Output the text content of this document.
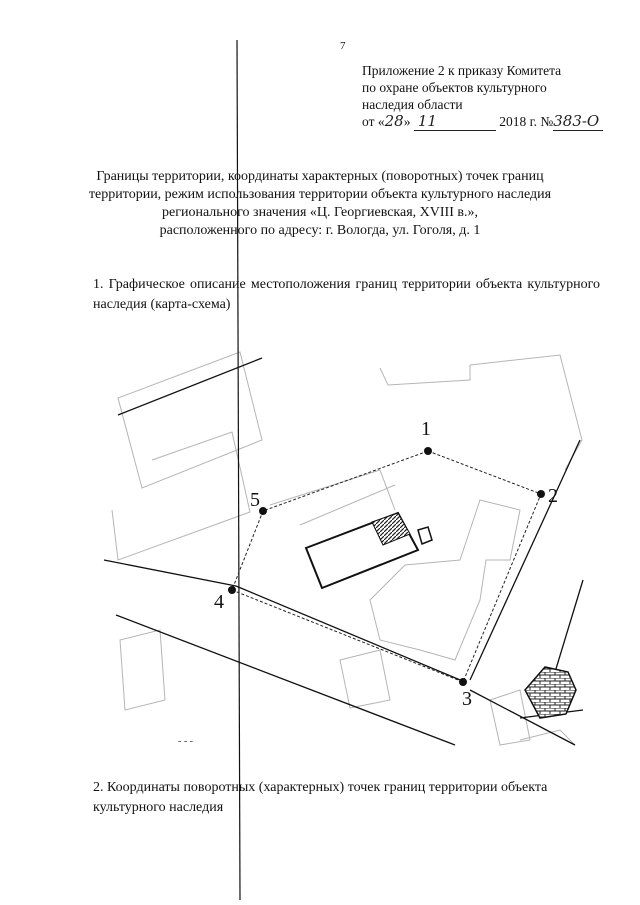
1
2
3
4
5
7
Приложение 2 к приказу Комитета
по охране объектов культурного
наследия области
от «28» 11	2018 г. №383-О
Границы территории, координаты характерных (поворотных) точек границ
территории, режим использования территории объекта культурного наследия
регионального значения «Ц. Георгиевская, XVIII в.»,
расположенного по адресу: г. Вологда, ул. Гоголя, д. 1
1. Графическое описание местоположения границ территории объекта культурного наследия (карта-схема)
- - -
2. Координаты поворотных (характерных) точек границ территории объекта культурного наследия
